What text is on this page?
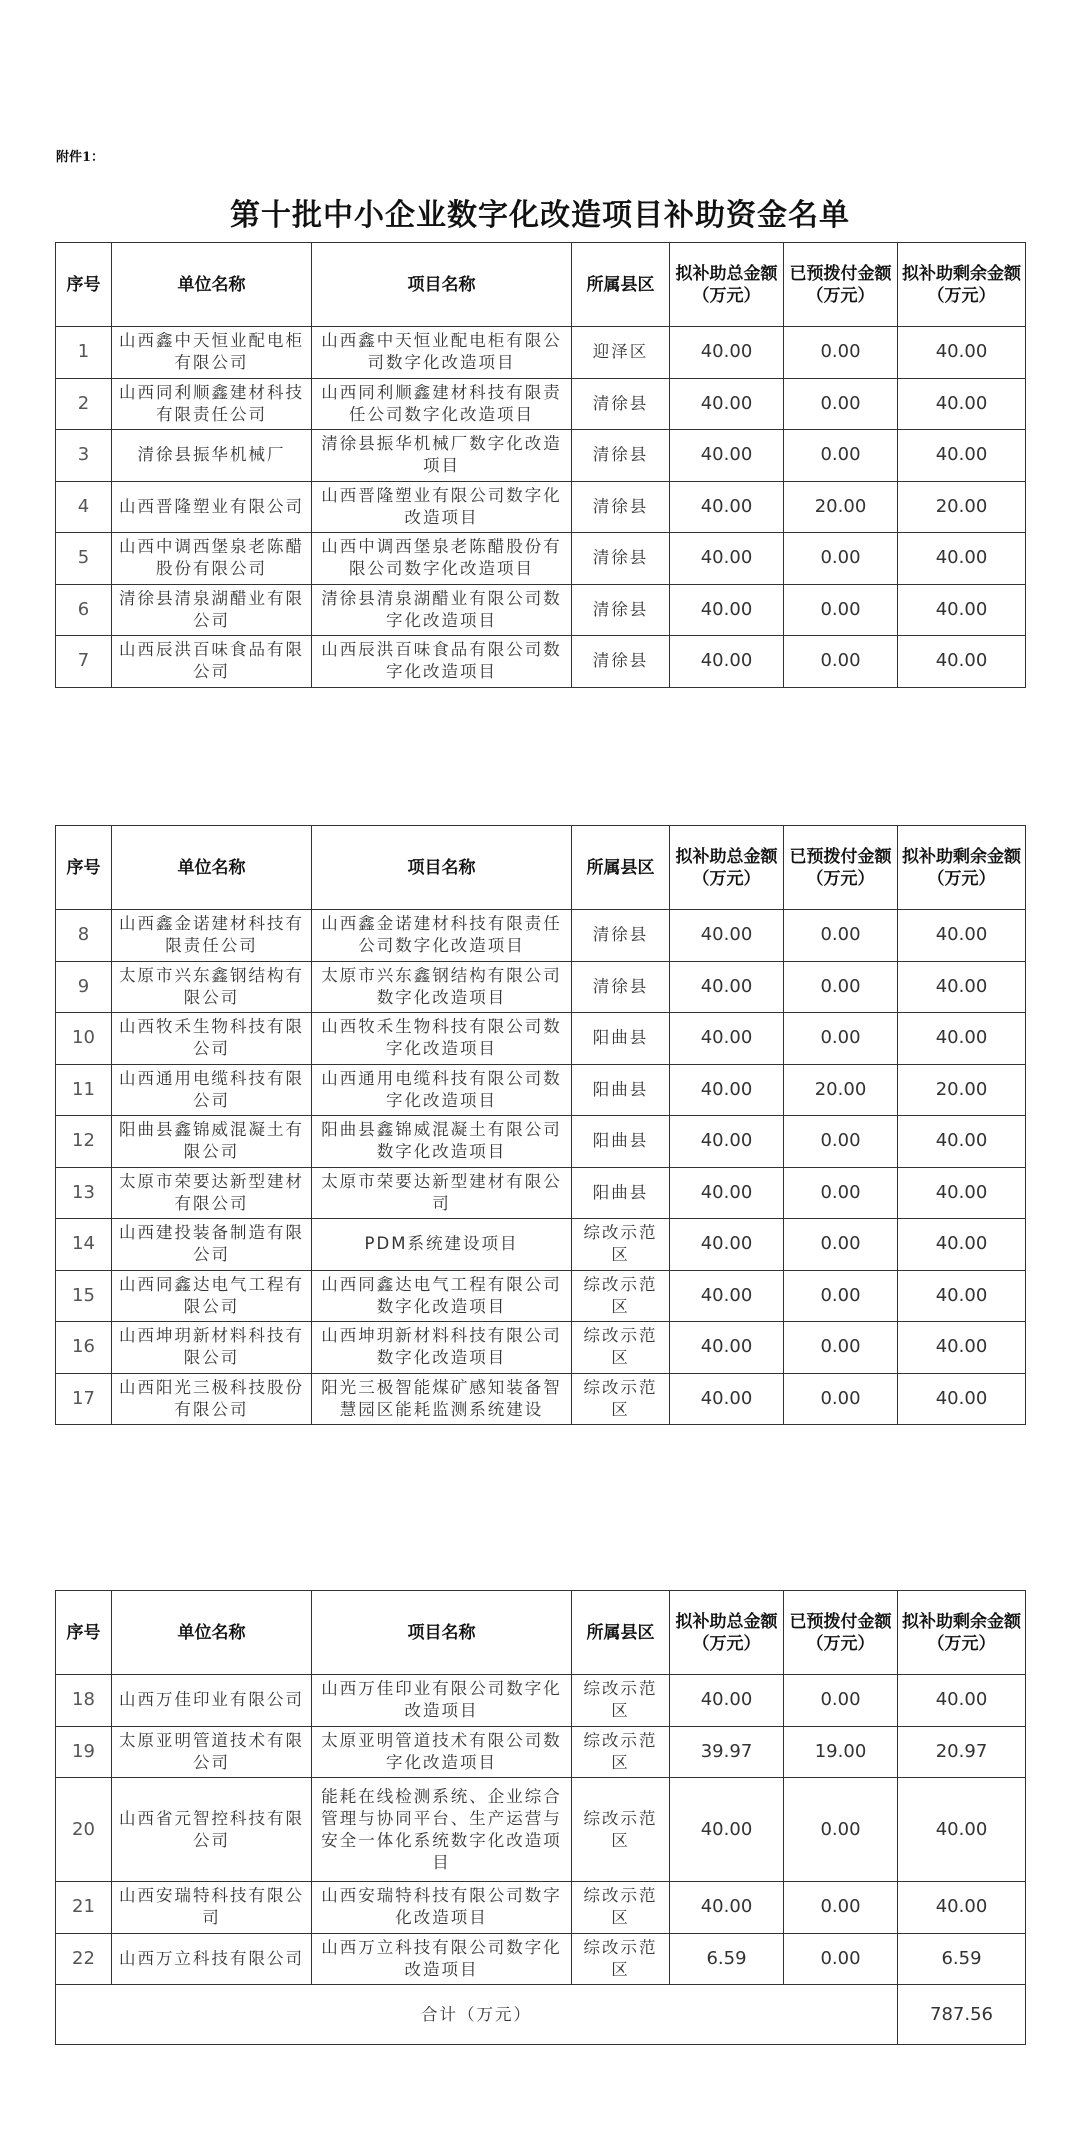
附件1：
第十批中小企业数字化改造项目补助资金名单
序号	单位名称	项目名称	所属县区	拟补助总金额（万元）	已预拨付金额（万元）	拟补助剩余金额（万元）
1	山西鑫中天恒业配电柜有限公司	山西鑫中天恒业配电柜有限公司数字化改造项目	迎泽区	40.00	0.00	40.00
2	山西同利顺鑫建材科技有限责任公司	山西同利顺鑫建材科技有限责任公司数字化改造项目	清徐县	40.00	0.00	40.00
3	清徐县振华机械厂	清徐县振华机械厂数字化改造项目	清徐县	40.00	0.00	40.00
4	山西晋隆塑业有限公司	山西晋隆塑业有限公司数字化改造项目	清徐县	40.00	20.00	20.00
5	山西中调西堡泉老陈醋股份有限公司	山西中调西堡泉老陈醋股份有限公司数字化改造项目	清徐县	40.00	0.00	40.00
6	清徐县清泉湖醋业有限公司	清徐县清泉湖醋业有限公司数字化改造项目	清徐县	40.00	0.00	40.00
7	山西辰洪百味食品有限公司	山西辰洪百味食品有限公司数字化改造项目	清徐县	40.00	0.00	40.00
序号	单位名称	项目名称	所属县区	拟补助总金额（万元）	已预拨付金额（万元）	拟补助剩余金额（万元）
8	山西鑫金诺建材科技有限责任公司	山西鑫金诺建材科技有限责任公司数字化改造项目	清徐县	40.00	0.00	40.00
9	太原市兴东鑫钢结构有限公司	太原市兴东鑫钢结构有限公司数字化改造项目	清徐县	40.00	0.00	40.00
10	山西牧禾生物科技有限公司	山西牧禾生物科技有限公司数字化改造项目	阳曲县	40.00	0.00	40.00
11	山西通用电缆科技有限公司	山西通用电缆科技有限公司数字化改造项目	阳曲县	40.00	20.00	20.00
12	阳曲县鑫锦威混凝土有限公司	阳曲县鑫锦威混凝土有限公司数字化改造项目	阳曲县	40.00	0.00	40.00
13	太原市荣要达新型建材有限公司	太原市荣要达新型建材有限公司	阳曲县	40.00	0.00	40.00
14	山西建投装备制造有限公司	PDM系统建设项目	综改示范区	40.00	0.00	40.00
15	山西同鑫达电气工程有限公司	山西同鑫达电气工程有限公司数字化改造项目	综改示范区	40.00	0.00	40.00
16	山西坤玥新材料科技有限公司	山西坤玥新材料科技有限公司数字化改造项目	综改示范区	40.00	0.00	40.00
17	山西阳光三极科技股份有限公司	阳光三极智能煤矿感知装备智慧园区能耗监测系统建设	综改示范区	40.00	0.00	40.00
序号	单位名称	项目名称	所属县区	拟补助总金额（万元）	已预拨付金额（万元）	拟补助剩余金额（万元）
18	山西万佳印业有限公司	山西万佳印业有限公司数字化改造项目	综改示范区	40.00	0.00	40.00
19	太原亚明管道技术有限公司	太原亚明管道技术有限公司数字化改造项目	综改示范区	39.97	19.00	20.97
20	山西省元智控科技有限公司	能耗在线检测系统、企业综合管理与协同平台、生产运营与安全一体化系统数字化改造项目	综改示范区	40.00	0.00	40.00
21	山西安瑞特科技有限公司	山西安瑞特科技有限公司数字化改造项目	综改示范区	40.00	0.00	40.00
22	山西万立科技有限公司	山西万立科技有限公司数字化改造项目	综改示范区	6.59	0.00	6.59
合计（万元）						787.56
